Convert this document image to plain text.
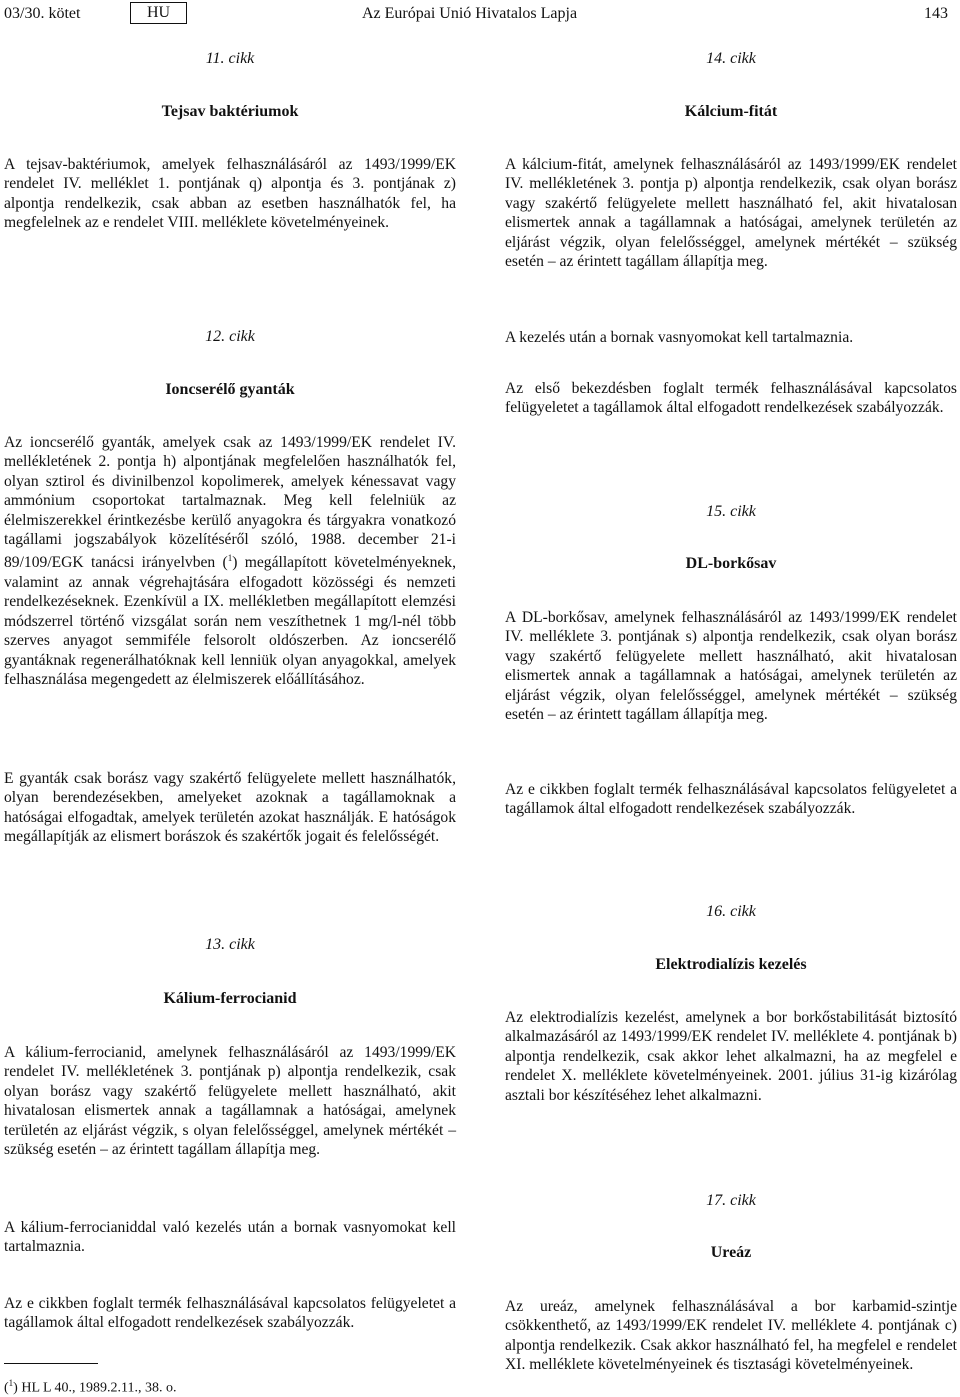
03/30. kötet	HU	Az Európai Unió Hivatalos Lapja	143
11. cikk
Tejsav baktériumok
A tejsav-baktériumok, amelyek felhasználásáról az 1493/1999/EK rendelet IV. melléklet 1. pontjának q) alpontja és 3. pontjának z) alpontja rendelkezik, csak abban az esetben használhatók fel, ha megfelelnek az e rendelet VIII. melléklete követelményeinek.
12. cikk
Ioncserélő gyanták
Az ioncserélő gyanták, amelyek csak az 1493/1999/EK rendelet IV. mellékletének 2. pontja h) alpontjának megfelelően használhatók fel, olyan sztirol és divinilbenzol kopolimerek, amelyek kénessavat vagy ammónium csoportokat tartalmaznak. Meg kell felelniük az élelmiszerekkel érintkezésbe kerülő anyagokra és tárgyakra vonatkozó tagállami jogszabályok közelítéséről szóló, 1988. december 21-i 89/109/EGK tanácsi irányelvben ($^1$) megállapított követelményeknek, valamint az annak végrehajtására elfogadott közösségi és nemzeti rendelkezéseknek. Ezenkívül a IX. mellékletben megállapított elemzési módszerrel történő vizsgálat során nem veszíthetnek 1 mg/l-nél több szerves anyagot semmiféle felsorolt oldószerben. Az ioncserélő gyantáknak regenerálhatóknak kell lenniük olyan anyagokkal, amelyek felhasználása megengedett az élelmiszerek előállításához.
E gyanták csak borász vagy szakértő felügyelete mellett használhatók, olyan berendezésekben, amelyeket azoknak a tagállamoknak a hatóságai elfogadtak, amelyek területén azokat használják. E hatóságok megállapítják az elismert borászok és szakértők jogait és felelősségét.
13. cikk
Kálium-ferrocianid
A kálium-ferrocianid, amelynek felhasználásáról az 1493/1999/EK rendelet IV. mellékletének 3. pontjának p) alpontja rendelkezik, csak olyan borász vagy szakértő felügyelete mellett használható, akit hivatalosan elismertek annak a tagállamnak a hatóságai, amelynek területén az eljárást végzik, s olyan felelősséggel, amelynek mértékét – szükség esetén – az érintett tagállam állapítja meg.
A kálium-ferrocianiddal való kezelés után a bornak vasnyomokat kell tartalmaznia.
Az e cikkben foglalt termék felhasználásával kapcsolatos felügyeletet a tagállamok által elfogadott rendelkezések szabályozzák.
($^1$) HL L 40., 1989.2.11., 38. o.
14. cikk
Kálcium-fitát
A kálcium-fitát, amelynek felhasználásáról az 1493/1999/EK rendelet IV. mellékletének 3. pontja p) alpontja rendelkezik, csak olyan borász vagy szakértő felügyelete mellett használható fel, akit hivatalosan elismertek annak a tagállamnak a hatóságai, amelynek területén az eljárást végzik, olyan felelősséggel, amelynek mértékét – szükség esetén – az érintett tagállam állapítja meg.
A kezelés után a bornak vasnyomokat kell tartalmaznia.
Az első bekezdésben foglalt termék felhasználásával kapcsolatos felügyeletet a tagállamok által elfogadott rendelkezések szabályozzák.
15. cikk
DL-borkősav
A DL-borkősav, amelynek felhasználásáról az 1493/1999/EK rendelet IV. melléklete 3. pontjának s) alpontja rendelkezik, csak olyan borász vagy szakértő felügyelete mellett használható, akit hivatalosan elismertek annak a tagállamnak a hatóságai, amelynek területén az eljárást végzik, olyan felelősséggel, amelynek mértékét – szükség esetén – az érintett tagállam állapítja meg.
Az e cikkben foglalt termék felhasználásával kapcsolatos felügyeletet a tagállamok által elfogadott rendelkezések szabályozzák.
16. cikk
Elektrodialízis kezelés
Az elektrodialízis kezelést, amelynek a bor borkőstabilitását biztosító alkalmazásáról az 1493/1999/EK rendelet IV. melléklete 4. pontjának b) alpontja rendelkezik, csak akkor lehet alkalmazni, ha az megfelel e rendelet X. melléklete követelményeinek. 2001. július 31-ig kizárólag asztali bor készítéséhez lehet alkalmazni.
17. cikk
Ureáz
Az ureáz, amelynek felhasználásával a bor karbamid-szintje csökkenthető, az 1493/1999/EK rendelet IV. melléklete 4. pontjának c) alpontja rendelkezik. Csak akkor használható fel, ha megfelel e rendelet XI. melléklete követelményeinek és tisztasági követelményeinek.
